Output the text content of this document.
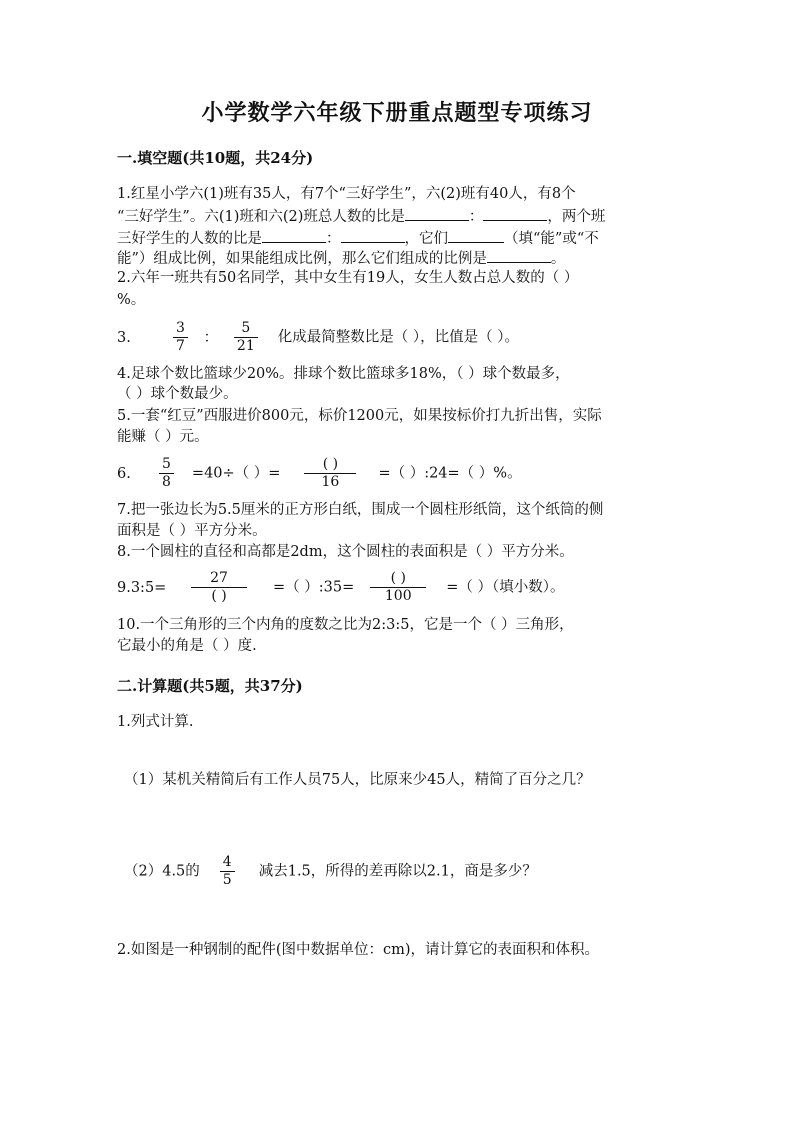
小学数学六年级下册重点题型专项练习
一.填空题(共10题，共24分)
1.红星小学六(1)班有35人，有7个“三好学生”，六(2)班有40人，有8个
“三好学生”。六(1)班和六(2)班总人数的比是	：	，两个班
三好学生的人数的比是	：	，它们	（填“能”或“不
能”）组成比例，如果能组成比例，那么它们组成的比例是	。
2.六年一班共有50名同学，其中女生有19人，女生人数占总人数的（ ）
%。
3.	$\frac{3}{7}$ ： $\frac{5}{21}$ 化成最简整数比是（ ），比值是（ ）。
4.足球个数比篮球少20%。排球个数比篮球多18%，（ ）球个数最多，
（ ）球个数最少。
5.一套“红豆”西服进价800元，标价1200元，如果按标价打九折出售，实际
能赚（ ）元。
6. $\frac{5}{8} =40\div$（ ）= $\frac{( )}{16}$ =（ ）:24=（ ）%。
7.把一张边长为5.5厘米的正方形白纸，围成一个圆柱形纸筒，这个纸筒的侧
面积是（ ）平方分米。
8.一个圆柱的直径和高都是2dm，这个圆柱的表面积是（ ）平方分米。
9.3:5= $\frac{27}{( )}$ =（ ）:35= $\frac{( )}{100}$ =（ ）（填小数）。
10.一个三角形的三个内角的度数之比为2:3:5，它是一个（ ）三角形，
它最小的角是（ ）度.
二.计算题(共5题，共37分)
1.列式计算.
（1）某机关精简后有工作人员75人，比原来少45人，精简了百分之几？
（2）4.5的 $\frac{4}{5}$ 减去1.5，所得的差再除以2.1，商是多少？
2.如图是一种钢制的配件(图中数据单位：cm)，请计算它的表面积和体积。
